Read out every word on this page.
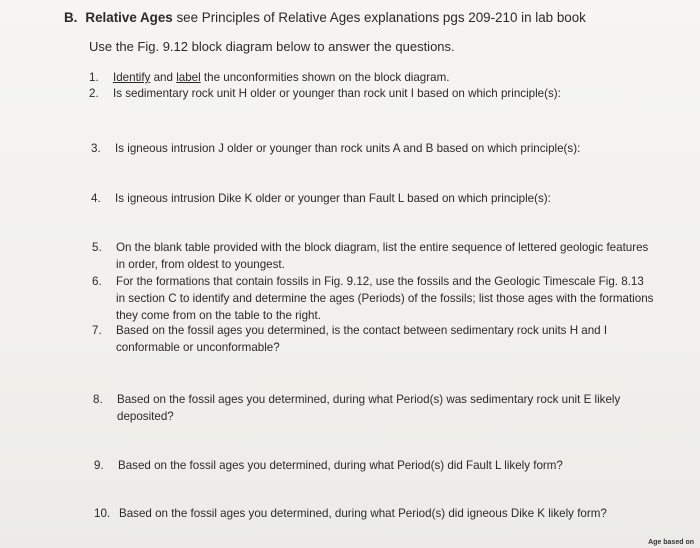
B. Relative Ages see Principles of Relative Ages explanations pgs 209-210 in lab book
Use the Fig. 9.12 block diagram below to answer the questions.
1. Identify and label the unconformities shown on the block diagram.
2. Is sedimentary rock unit H older or younger than rock unit I based on which principle(s):
3. Is igneous intrusion J older or younger than rock units A and B based on which principle(s):
4. Is igneous intrusion Dike K older or younger than Fault L based on which principle(s):
5. On the blank table provided with the block diagram, list the entire sequence of lettered geologic features in order, from oldest to youngest.
6. For the formations that contain fossils in Fig. 9.12, use the fossils and the Geologic Timescale Fig. 8.13 in section C to identify and determine the ages (Periods) of the fossils; list those ages with the formations they come from on the table to the right.
7. Based on the fossil ages you determined, is the contact between sedimentary rock units H and I conformable or unconformable?
8. Based on the fossil ages you determined, during what Period(s) was sedimentary rock unit E likely deposited?
9. Based on the fossil ages you determined, during what Period(s) did Fault L likely form?
10. Based on the fossil ages you determined, during what Period(s) did igneous Dike K likely form?
Age based on
